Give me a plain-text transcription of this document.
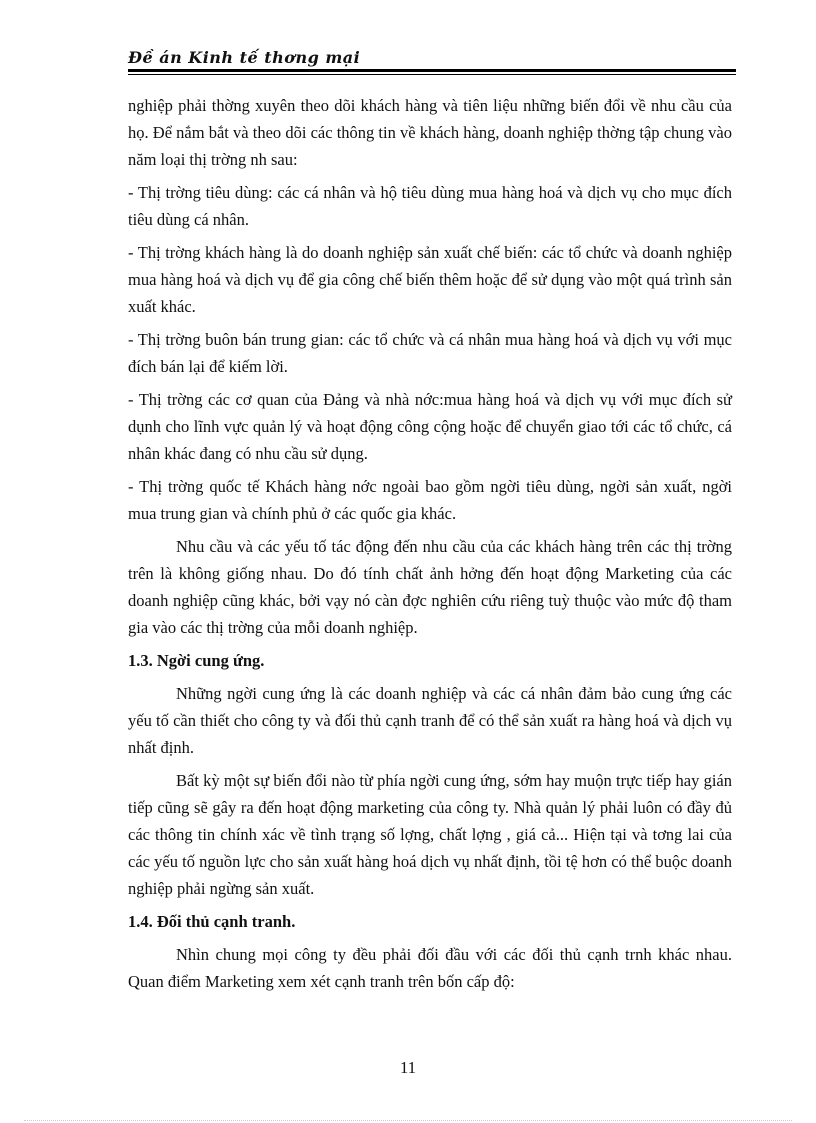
Đề án Kinh tế thơng mại

nghiệp phải thờng xuyên theo dõi khách hàng và tiên liệu những biến đổi về nhu cầu của họ. Để nắm bắt và theo dõi các thông tin về khách hàng, doanh nghiệp thờng tập chung vào năm loại thị trờng nh sau:

- Thị trờng tiêu dùng: các cá nhân và hộ tiêu dùng mua hàng hoá và dịch vụ cho mục đích tiêu dùng cá nhân.

- Thị trờng khách hàng là do doanh nghiệp sản xuất chế biến: các tổ chức và doanh nghiệp mua hàng hoá và dịch vụ để gia công chế biến thêm hoặc để sử dụng vào một quá trình sản xuất khác.

- Thị trờng buôn bán trung gian: các tổ chức và cá nhân mua hàng hoá và dịch vụ với mục đích bán lại để kiếm lời.

- Thị trờng các cơ quan của Đảng và nhà nớc:mua hàng hoá và dịch vụ với mục đích sử dụnh cho lĩnh vực quản lý và hoạt động công cộng hoặc để chuyển giao tới các tổ chức, cá nhân khác đang có nhu cầu sử dụng.

- Thị trờng quốc tế Khách hàng nớc ngoài bao gồm ngời tiêu dùng, ngời sản xuất, ngời mua trung gian và chính phủ ở các quốc gia khác.

Nhu cầu và các yếu tố tác động đến nhu cầu của các khách hàng trên các thị trờng trên là không giống nhau. Do đó tính chất ảnh hởng đến hoạt động Marketing của các doanh nghiệp cũng khác, bởi vạy nó càn đợc nghiên cứu riêng tuỳ thuộc vào mức độ tham gia vào các thị trờng của mỗi doanh nghiệp.

1.3. Ngời cung ứng.

Những ngời cung ứng là các doanh nghiệp và các cá nhân đảm bảo cung ứng các yếu tố cần thiết cho công ty và đối thủ cạnh tranh để có thể sản xuất ra hàng hoá và dịch vụ nhất định.

Bất kỳ một sự biến đổi nào từ phía ngời cung ứng, sớm hay muộn trực tiếp hay gián tiếp cũng sẽ gây ra đến hoạt động marketing của công ty. Nhà quản lý phải luôn có đầy đủ các thông tin chính xác về tình trạng số lợng, chất lợng , giá cả... Hiện tại và tơng lai của các yếu tố nguồn lực cho sản xuất hàng hoá dịch vụ nhất định, tồi tệ hơn có thể buộc doanh nghiệp phải ngừng sản xuất.

1.4. Đối thủ cạnh tranh.

Nhìn chung mọi công ty đều phải đối đầu với các đối thủ cạnh trnh khác nhau. Quan điểm Marketing xem xét cạnh tranh trên bốn cấp độ:

11
